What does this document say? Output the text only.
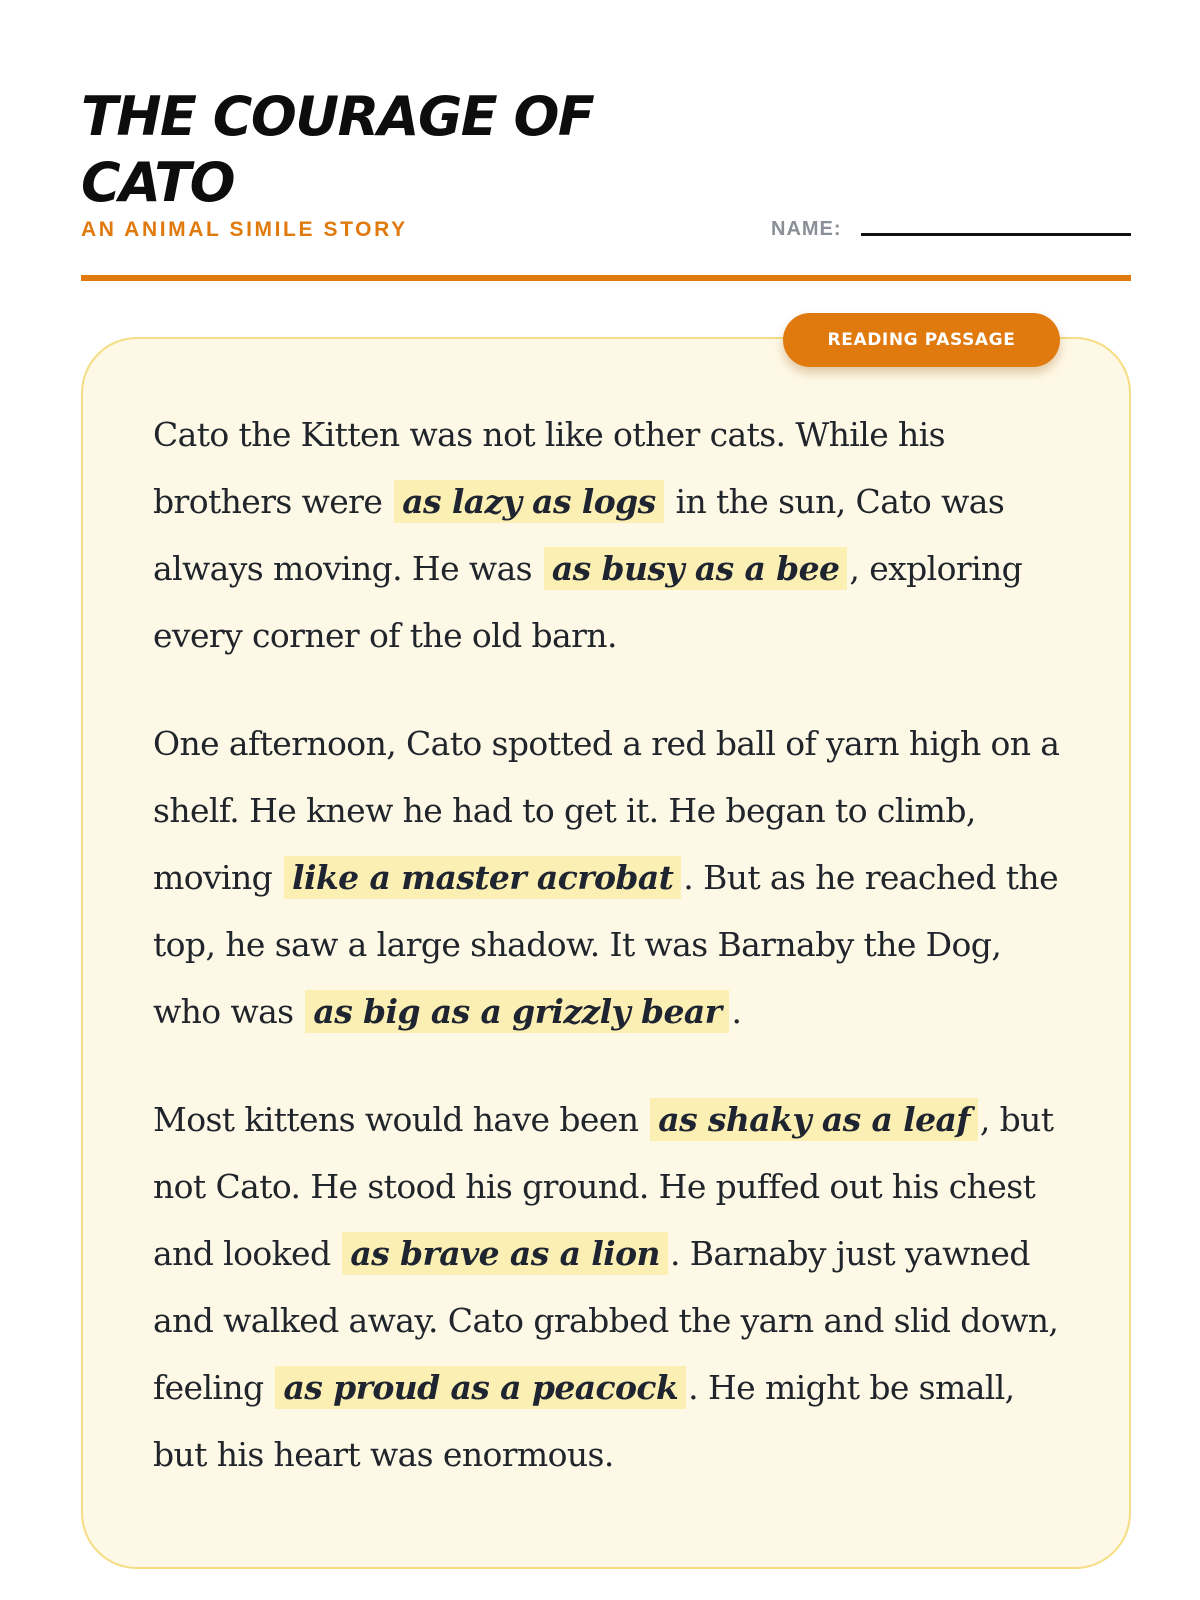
THE COURAGE OF CATO
AN ANIMAL SIMILE STORY	NAME:

Cato the Kitten was not like other cats. While his brothers were as lazy as logs in the sun, Cato was always moving. He was as busy as a bee , exploring every corner of the old barn.

One afternoon, Cato spotted a red ball of yarn high on a shelf. He knew he had to get it. He began to climb, moving like a master acrobat . But as he reached the top, he saw a large shadow. It was Barnaby the Dog, who was as big as a grizzly bear .

Most kittens would have been as shaky as a leaf , but not Cato. He stood his ground. He puffed out his chest and looked as brave as a lion . Barnaby just yawned and walked away. Cato grabbed the yarn and slid down, feeling as proud as a peacock . He might be small, but his heart was enormous.

READING PASSAGE
